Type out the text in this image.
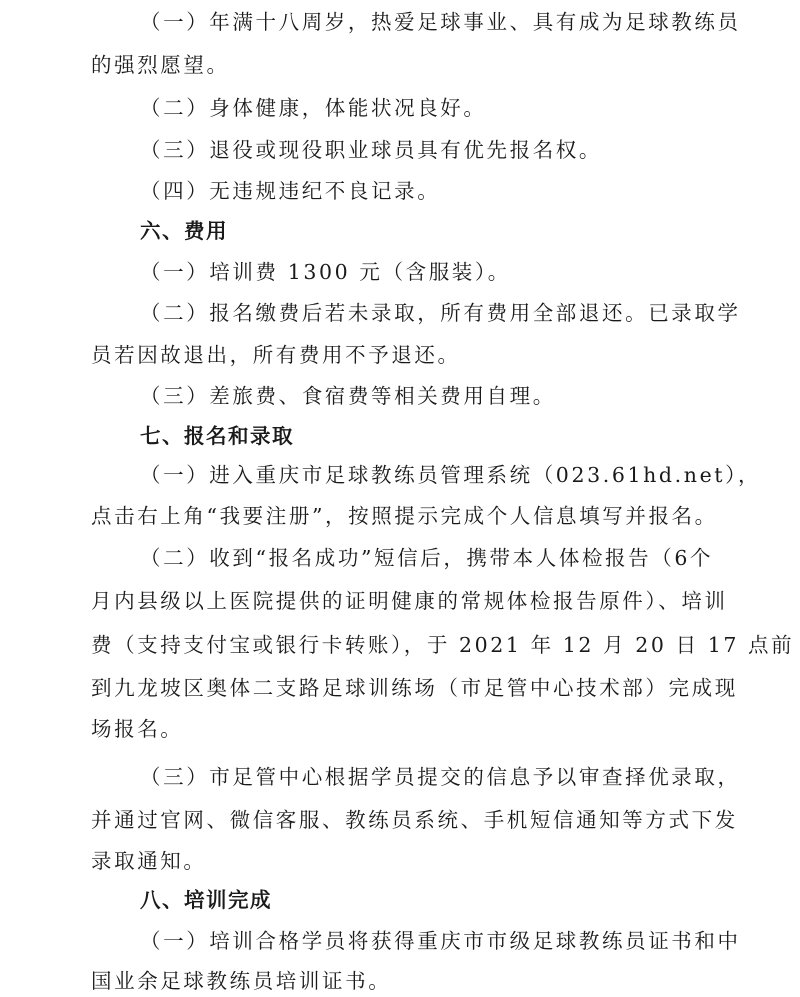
（一）年满十八周岁，热爱足球事业、具有成为足球教练员
的强烈愿望。
（二）身体健康，体能状况良好。
（三）退役或现役职业球员具有优先报名权。
（四）无违规违纪不良记录。
六、费用
（一）培训费 1300 元（含服装）。
（二）报名缴费后若未录取，所有费用全部退还。已录取学
员若因故退出，所有费用不予退还。
（三）差旅费、食宿费等相关费用自理。
七、报名和录取
（一）进入重庆市足球教练员管理系统（023.61hd.net），
点击右上角“我要注册”，按照提示完成个人信息填写并报名。
（二）收到“报名成功”短信后，携带本人体检报告（6个
月内县级以上医院提供的证明健康的常规体检报告原件）、培训
费（支持支付宝或银行卡转账），于 2021 年 12 月 20 日 17 点前
到九龙坡区奥体二支路足球训练场（市足管中心技术部）完成现
场报名。
（三）市足管中心根据学员提交的信息予以审查择优录取，
并通过官网、微信客服、教练员系统、手机短信通知等方式下发
录取通知。
八、培训完成
（一）培训合格学员将获得重庆市市级足球教练员证书和中
国业余足球教练员培训证书。
